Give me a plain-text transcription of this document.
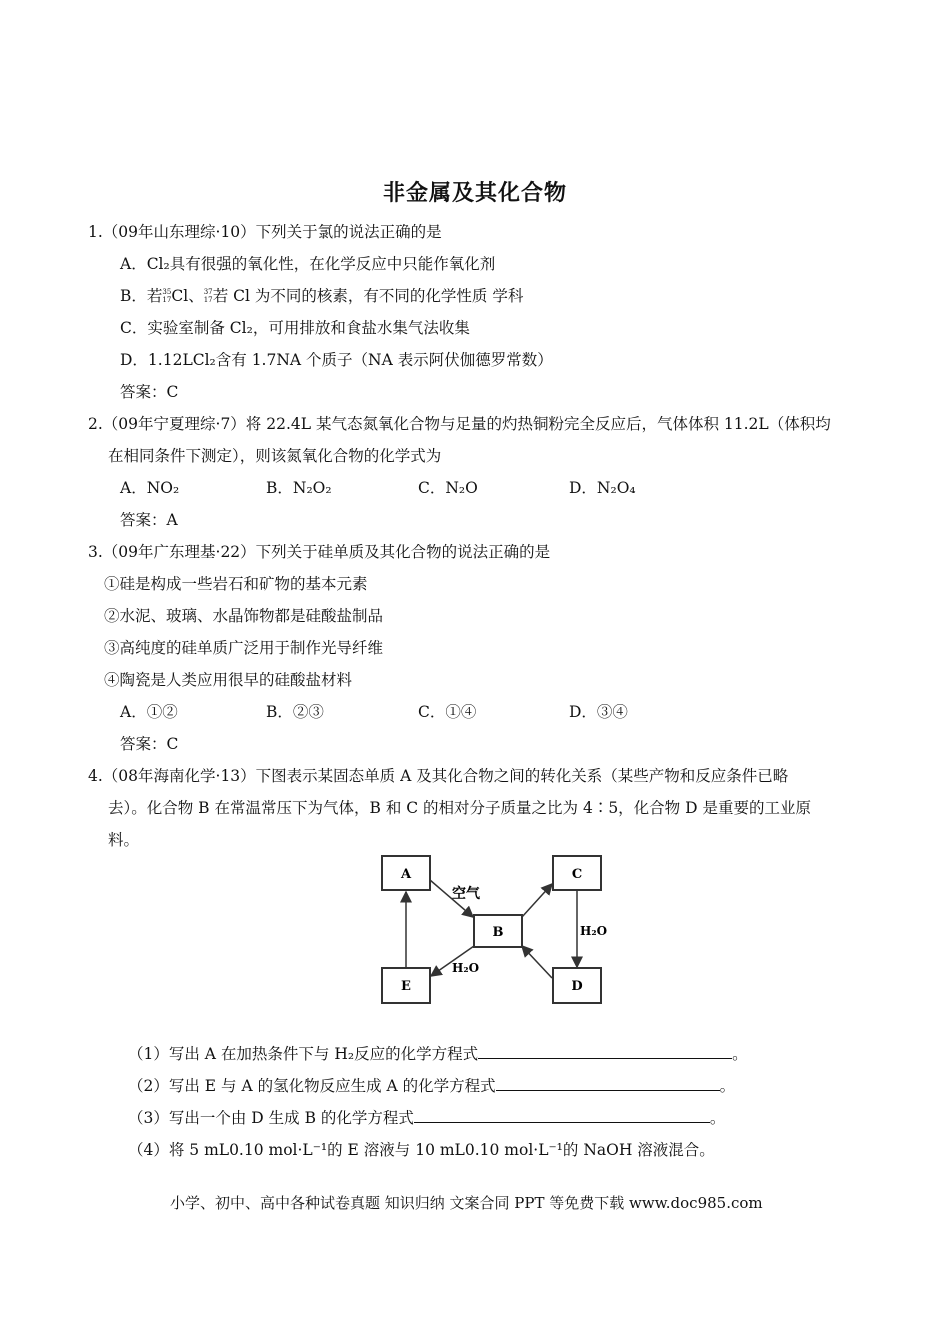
非金属及其化合物
1.（09年山东理综·10）下列关于氯的说法正确的是
A．Cl₂具有很强的氧化性，在化学反应中只能作氧化剂
B．若 35
17 Cl、 37
17 若 Cl 为不同的核素，有不同的化学性质 学科
C．实验室制备 Cl₂，可用排放和食盐水集气法收集
D．1.12LCl₂含有 1.7NA 个质子（NA 表示阿伏伽德罗常数）
答案：C
2.（09年宁夏理综·7）将 22.4L 某气态氮氧化合物与足量的灼热铜粉完全反应后，气体体积 11.2L（体积均
在相同条件下测定），则该氮氧化合物的化学式为
A．NO₂	B．N₂O₂	C．N₂O	D．N₂O₄
答案：A
3.（09年广东理基·22）下列关于硅单质及其化合物的说法正确的是
①硅是构成一些岩石和矿物的基本元素
②水泥、玻璃、水晶饰物都是硅酸盐制品
③高纯度的硅单质广泛用于制作光导纤维
④陶瓷是人类应用很早的硅酸盐材料
A．①②	B．②③	C．①④	D．③④
答案：C
4.（08年海南化学·13）下图表示某固态单质 A 及其化合物之间的转化关系（某些产物和反应条件已略
去）。化合物 B 在常温常压下为气体，B 和 C 的相对分子质量之比为 4∶5，化合物 D 是重要的工业原
料。
A	C
B
E	D
空气
H₂O
H₂O
（1）写出 A 在加热条件下与 H₂反应的化学方程式	。
（2）写出 E 与 A 的氢化物反应生成 A 的化学方程式	。
（3）写出一个由 D 生成 B 的化学方程式	。
（4）将 5 mL0.10 mol·L⁻¹的 E 溶液与 10 mL0.10 mol·L⁻¹的 NaOH 溶液混合。
小学、初中、高中各种试卷真题 知识归纳 文案合同 PPT 等免费下载 www.doc985.com
